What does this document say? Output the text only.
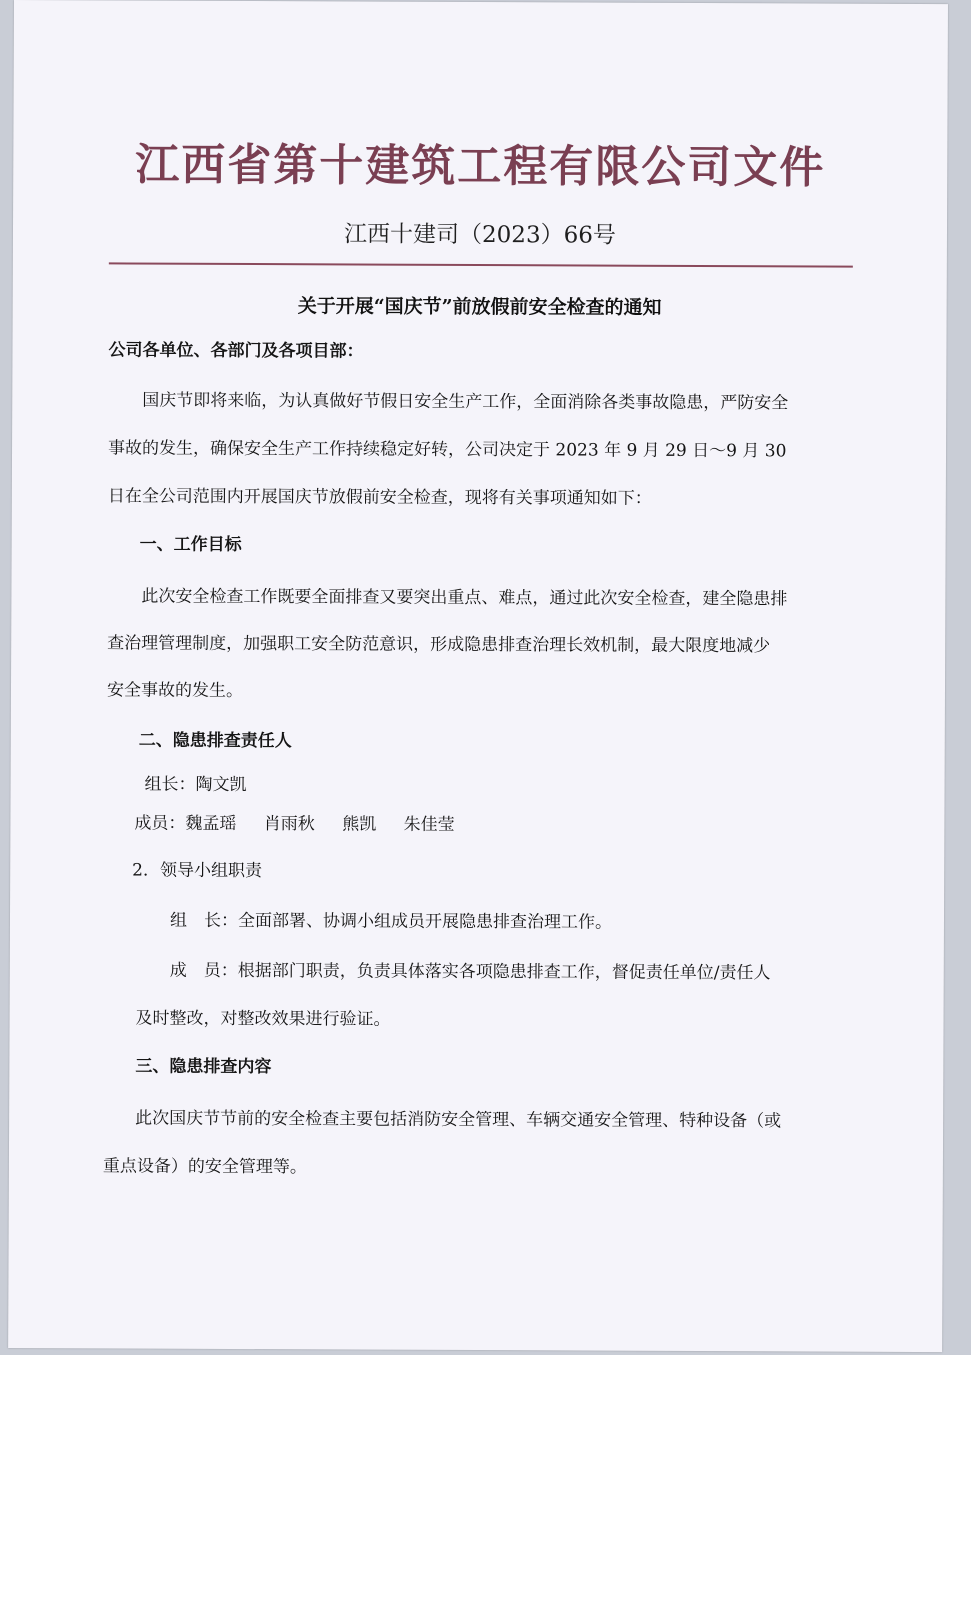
江西省第十建筑工程有限公司文件
江西十建司（2023）66号
关于开展“国庆节”前放假前安全检查的通知
公司各单位、各部门及各项目部：
国庆节即将来临，为认真做好节假日安全生产工作，全面消除各类事故隐患，严防安全
事故的发生，确保安全生产工作持续稳定好转，公司决定于 2023 年 9 月 29 日～9 月 30
日在全公司范围内开展国庆节放假前安全检查，现将有关事项通知如下：
一、工作目标
此次安全检查工作既要全面排查又要突出重点、难点，通过此次安全检查，建全隐患排
查治理管理制度，加强职工安全防范意识，形成隐患排查治理长效机制，最大限度地减少
安全事故的发生。
二、隐患排查责任人
组长：陶文凯
成员：魏孟瑶 肖雨秋 熊凯 朱佳莹
2．领导小组职责
组　长：全面部署、协调小组成员开展隐患排查治理工作。
成　员：根据部门职责，负责具体落实各项隐患排查工作，督促责任单位/责任人
及时整改，对整改效果进行验证。
三、隐患排查内容
此次国庆节节前的安全检查主要包括消防安全管理、车辆交通安全管理、特种设备（或
重点设备）的安全管理等。
